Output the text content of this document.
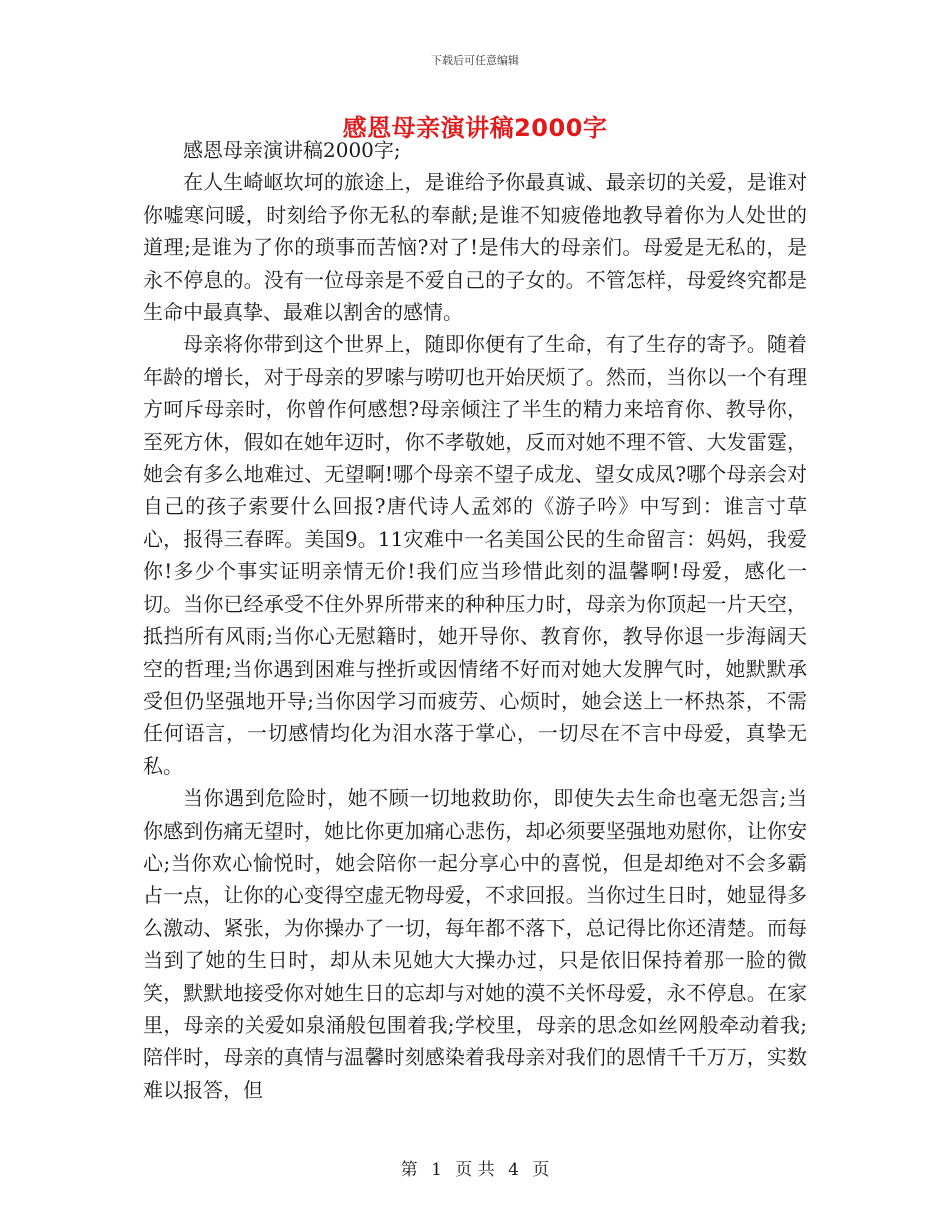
下载后可任意编辑
感恩母亲演讲稿2000字

感恩母亲演讲稿2000字;

在人生崎岖坎坷的旅途上，是谁给予你最真诚、最亲切的关爱，是谁对你嘘寒问暖，时刻给予你无私的奉献;是谁不知疲倦地教导着你为人处世的道理;是谁为了你的琐事而苦恼?对了!是伟大的母亲们。母爱是无私的，是永不停息的。没有一位母亲是不爱自己的子女的。不管怎样，母爱终究都是生命中最真挚、最难以割舍的感情。

母亲将你带到这个世界上，随即你便有了生命，有了生存的寄予。随着年龄的增长，对于母亲的罗嗦与唠叨也开始厌烦了。然而，当你以一个有理方呵斥母亲时，你曾作何感想?母亲倾注了半生的精力来培育你、教导你，至死方休，假如在她年迈时，你不孝敬她，反而对她不理不管、大发雷霆，她会有多么地难过、无望啊!哪个母亲不望子成龙、望女成凤?哪个母亲会对自己的孩子索要什么回报?唐代诗人孟郊的《游子吟》中写到：谁言寸草心，报得三春晖。美国9。11灾难中一名美国公民的生命留言：妈妈，我爱你!多少个事实证明亲情无价!我们应当珍惜此刻的温馨啊!母爱，感化一切。当你已经承受不住外界所带来的种种压力时，母亲为你顶起一片天空，抵挡所有风雨;当你心无慰籍时，她开导你、教育你，教导你退一步海阔天空的哲理;当你遇到困难与挫折或因情绪不好而对她大发脾气时，她默默承受但仍坚强地开导;当你因学习而疲劳、心烦时，她会送上一杯热茶，不需任何语言，一切感情均化为泪水落于掌心，一切尽在不言中母爱，真挚无私。

当你遇到危险时，她不顾一切地救助你，即使失去生命也毫无怨言;当你感到伤痛无望时，她比你更加痛心悲伤，却必须要坚强地劝慰你，让你安心;当你欢心愉悦时，她会陪你一起分享心中的喜悦，但是却绝对不会多霸占一点，让你的心变得空虚无物母爱，不求回报。当你过生日时，她显得多么激动、紧张，为你操办了一切，每年都不落下，总记得比你还清楚。而每当到了她的生日时，却从未见她大大操办过，只是依旧保持着那一脸的微笑，默默地接受你对她生日的忘却与对她的漠不关怀母爱，永不停息。在家里，母亲的关爱如泉涌般包围着我;学校里，母亲的思念如丝网般牵动着我;陪伴时，母亲的真情与温馨时刻感染着我母亲对我们的恩情千千万万，实数难以报答，但

第 1 页 共 4 页
